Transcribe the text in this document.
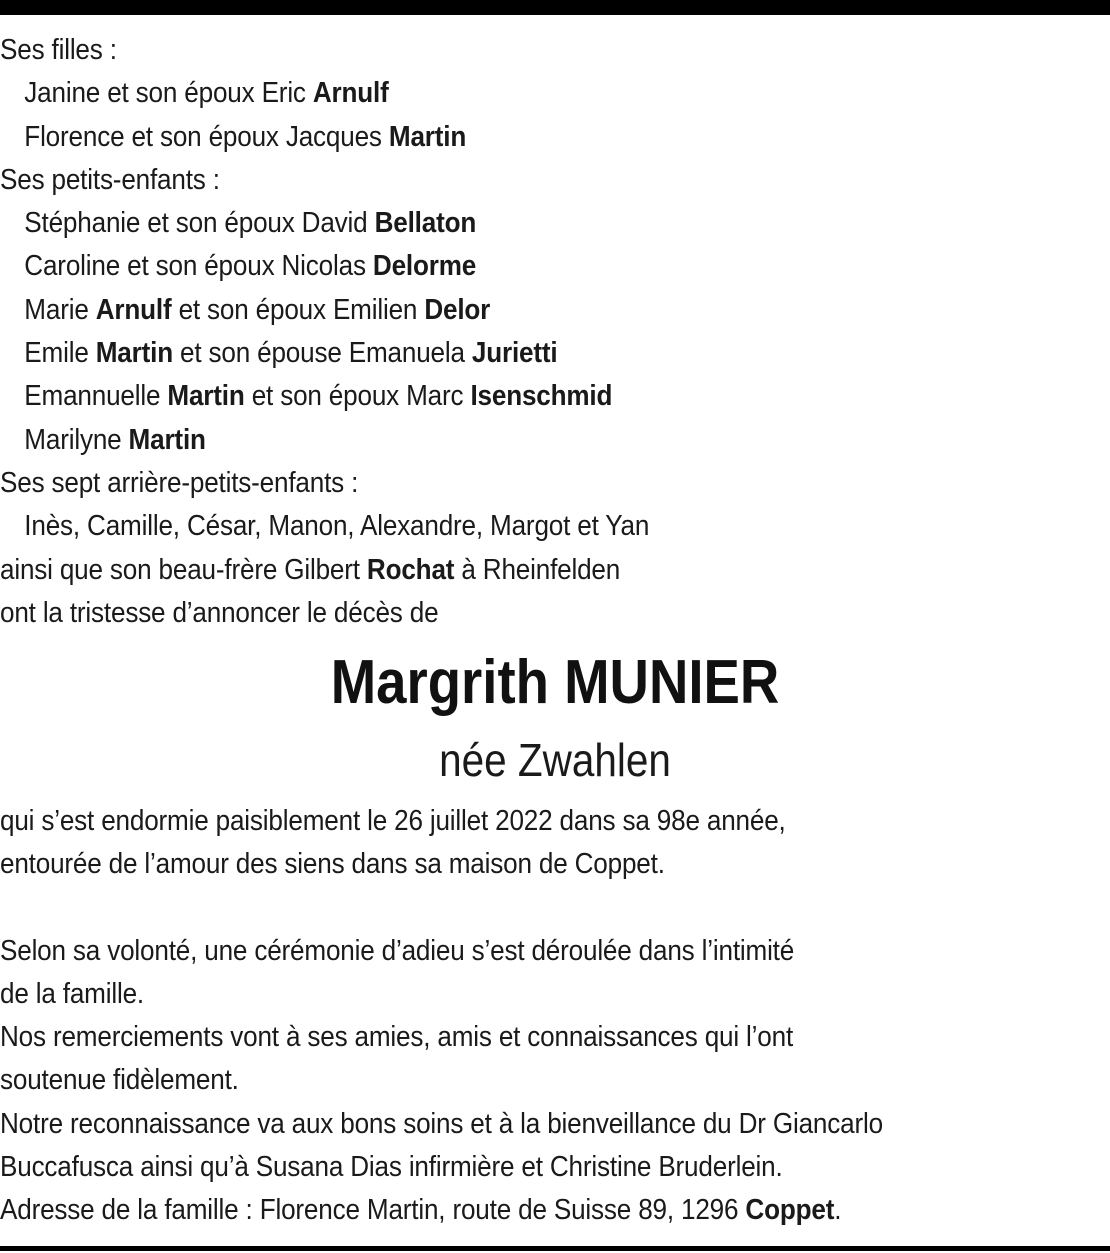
Ses filles :
Janine et son époux Eric Arnulf
Florence et son époux Jacques Martin
Ses petits-enfants :
Stéphanie et son époux David Bellaton
Caroline et son époux Nicolas Delorme
Marie Arnulf et son époux Emilien Delor
Emile Martin et son épouse Emanuela Jurietti
Emannuelle Martin et son époux Marc Isenschmid
Marilyne Martin
Ses sept arrière-petits-enfants :
Inès, Camille, César, Manon, Alexandre, Margot et Yan
ainsi que son beau-frère Gilbert Rochat à Rheinfelden
ont la tristesse d’annoncer le décès de
Margrith MUNIER
née Zwahlen
qui s’est endormie paisiblement le 26 juillet 2022 dans sa 98e année,
entourée de l’amour des siens dans sa maison de Coppet.
Selon sa volonté, une cérémonie d’adieu s’est déroulée dans l’intimité
de la famille.
Nos remerciements vont à ses amies, amis et connaissances qui l’ont
soutenue fidèlement.
Notre reconnaissance va aux bons soins et à la bienveillance du Dr Giancarlo
Buccafusca ainsi qu’à Susana Dias infirmière et Christine Bruderlein.
Adresse de la famille : Florence Martin, route de Suisse 89, 1296 Coppet.
